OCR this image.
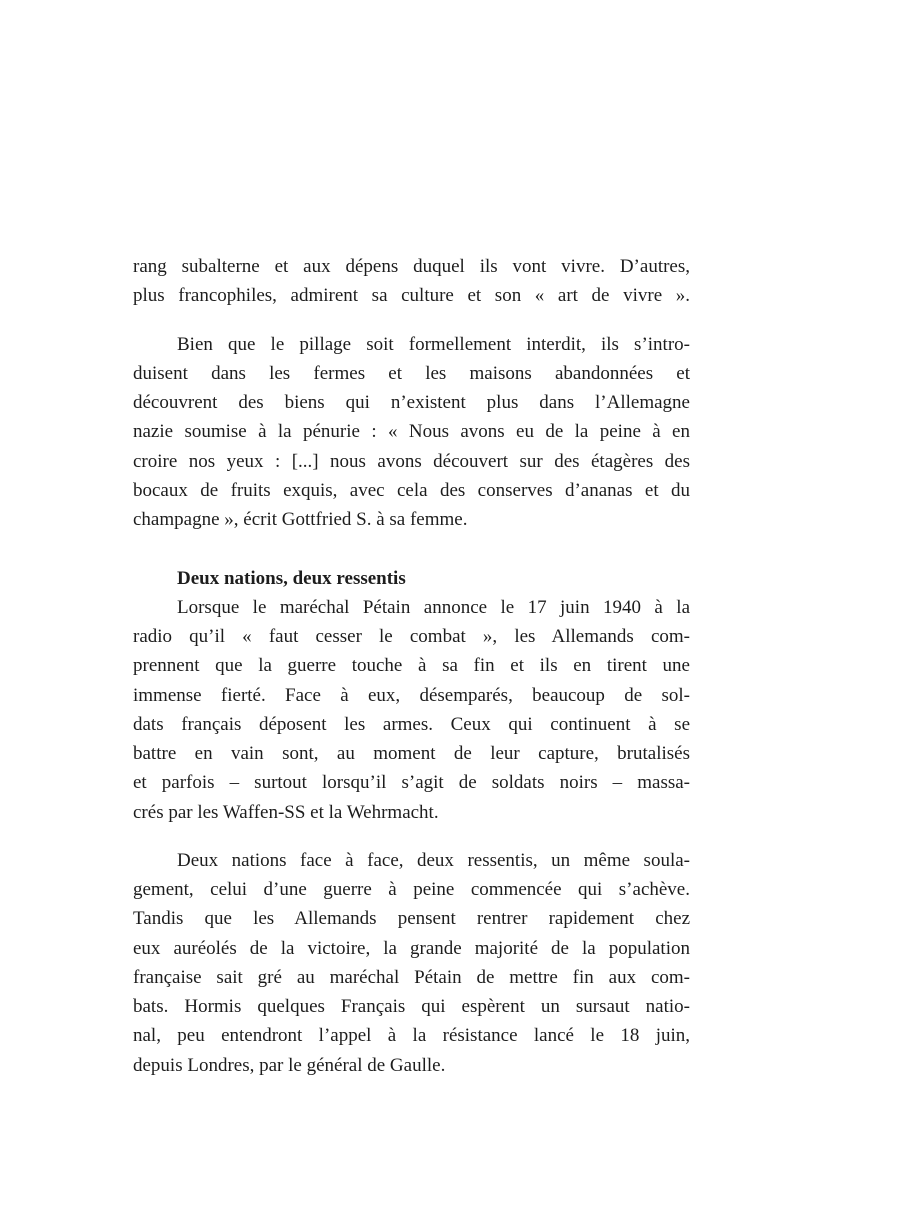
rang subalterne et aux dépens duquel ils vont vivre. D’autres,
plus francophiles, admirent sa culture et son « art de vivre ».

Bien que le pillage soit formellement interdit, ils s’intro-
duisent dans les fermes et les maisons abandonnées et
découvrent des biens qui n’existent plus dans l’Allemagne
nazie soumise à la pénurie : « Nous avons eu de la peine à en
croire nos yeux : [...] nous avons découvert sur des étagères des
bocaux de fruits exquis, avec cela des conserves d’ananas et du
champagne », écrit Gottfried S. à sa femme.

Deux nations, deux ressentis

Lorsque le maréchal Pétain annonce le 17 juin 1940 à la
radio qu’il « faut cesser le combat », les Allemands com-
prennent que la guerre touche à sa fin et ils en tirent une
immense fierté. Face à eux, désemparés, beaucoup de sol-
dats français déposent les armes. Ceux qui continuent à se
battre en vain sont, au moment de leur capture, brutalisés
et parfois – surtout lorsqu’il s’agit de soldats noirs – massa-
crés par les Waffen-SS et la Wehrmacht.

Deux nations face à face, deux ressentis, un même soula-
gement, celui d’une guerre à peine commencée qui s’achève.
Tandis que les Allemands pensent rentrer rapidement chez
eux auréolés de la victoire, la grande majorité de la population
française sait gré au maréchal Pétain de mettre fin aux com-
bats. Hormis quelques Français qui espèrent un sursaut natio-
nal, peu entendront l’appel à la résistance lancé le 18 juin,
depuis Londres, par le général de Gaulle.
